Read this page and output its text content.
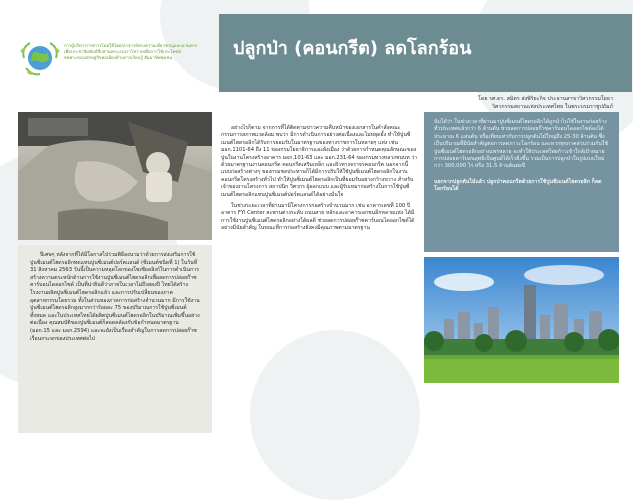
การผู้บริหารราชการโดยใช้ไทย/อาจารย์ทรงความเชี่ยวชาญและนามทาง
เพื่อประชาสัมพันธ์สืบสานพระบรมราโชวาทเพื่อการใช้ประโยชน์
สหพาะของเศรษฐกิจพอเพียงด้านการเรียนรู้ สัมมาชีพชุมชน	ปลูกป่า (คอนกรีต) ลดโลกร้อน
โดย รศ.ดร. สมิตร ส่งพิริยะกิจ ประธานสาขาวิศวกรรมโยธา
วิศวกรรมสถานแห่งประเทศไทย ในพระบรมราชูปถัมภ์

ปีเศษๆ หลังจากที่ได้มีโอกาสไปร่วมพิธีลงนามว่าด้วยการส่งเสริมการใช้ปูนซีเมนต์ไฮดรอลิกทดแทนปูนซีเมนต์ปอร์ตแลนด์ (ซีเมนต์ชนิดที่ 1) ในวันที่ 31 สิงหาคม 2563 วันนี้เป็นความหลุดโลกของโซเซียลลิงก์ในการดำเนินการสร้างความตระหนักด้านการใช้งานปูนซีเมนต์ไฮดรอลิกเพื่อลดการปล่อยก๊าซคาร์บอนไดออกไซด์ เป็นที่น่ายินดีว่าภายในเวลาไม่ถึงสองปี ไทยได้สร้างโรงงานผลิตปูนซีเมนต์ไฮดรอลิกแล้ว และการปรับเปลี่ยนของภาคอุตสาหกรรมโดยรวม ทั้งในส่วนของภาคการก่อสร้างจำนวนมาก มีการใช้งานปูนซีเมนต์ไฮดรอลิกสูงมากกว่าร้อยละ 75 ของปริมาณการใช้ปูนซีเมนต์ทั้งหมด และในประเทศไทยได้ผลิตปูนซีเมนต์ไฮดรอลิกในปริมาณเพิ่มขึ้นอย่างต่อเนื่อง คุณสมบัติของปูนซีเมนต์ก็สอดคล้องกับข้อกำหนดมาตรฐาน (มอก.15 และ มอก.2594) และจะยังเป็นเรื่องสำคัญในการลดการปล่อยก๊าซเรือนกระจกของประเทศต่อไป

อย่างไรก็ตาม จากการที่ได้ติดตามข่าวความคืบหน้าของเอกสารในคำสั่งคณะกรรมการสภาพแวดล้อม พบว่า มีการดำเนินการอย่างต่อเนื่องและไม่หยุดยั้ง ทำให้ปูนซีเมนต์ไฮดรอลิกได้รับการยอมรับในมาตรฐานของทางราชการในหลายๆ แห่ง เช่น มอก.1101-64 ถึง 11 ของกรมโยธาธิการและผังเมือง ว่าด้วยการกำหนดคุณลักษณะของปูนในงานโครงสร้างอาคาร มอก.101-63 และ มอก.231-64 ของกรมทางหลวงชนบท ว่าด้วยมาตรฐานงานคอนกรีต คอนกรีตเสริมเหล็ก และผิวทางจราจรคอนกรีต นอกจากนี้ แบบก่อสร้างต่างๆ ของกรมชลประทานก็ได้มีการปรับให้ใช้ปูนซีเมนต์ไฮดรอลิกในงานคอนกรีตโครงสร้างทั่วไป ทำให้ปูนซีเมนต์ไฮดรอลิกเป็นที่ยอมรับอย่างกว้างขวาง สำหรับเจ้าของงานโครงการ สถาปนิก วิศวกร ผู้ออกแบบ และผู้รับเหมาก่อสร้างในการใช้ปูนซีเมนต์ไฮดรอลิกแทนปูนซีเมนต์ปอร์ตแลนด์ได้อย่างมั่นใจ

ในช่วงระยะเวลาที่ผ่านมามีโครงการก่อสร้างจำนวนมาก เช่น อาคารเลขที่ 100 ปี อาคาร FYI Center สะพานต่างระดับ ถนนสาย หลักและอาคารเอกชนอีกหลายแห่ง ได้มีการใช้งานปูนซีเมนต์ไฮดรอลิกอย่างได้ผลดี ช่วยลดการปล่อยก๊าซคาร์บอนไดออกไซด์ได้อย่างมีนัยสำคัญ ในขณะที่การก่อสร้างยังคงมีคุณภาพตามมาตรฐาน

นับได้ว่า ในช่วงเวลาที่ผ่านมาปูนซีเมนต์ไฮดรอลิกได้ถูกนำไปใช้ในงานก่อสร้างทั่วประเทศแล้วกว่า 6 ล้านตัน ช่วยลดการปล่อยก๊าซคาร์บอนไดออกไซด์ลงได้ประมาณ 6 แสนตัน หรือเทียบเท่ากับการปลูกต้นไม้ใหญ่ถึง 25-30 ล้านต้น ซึ่งเป็นปริมาณที่มีนัยสำคัญต่อการลดภาวะโลกร้อน และหากทุกภาคส่วนร่วมกันใช้ปูนซีเมนต์ไฮดรอลิกอย่างแพร่หลาย จะทำให้ประเทศไทยก้าวเข้าใกล้เป้าหมายการปล่อยคาร์บอนสุทธิเป็นศูนย์ได้เร็วยิ่งขึ้น รวมเป็นการปลูกป่าในรูปแบบใหม่กว่า 300,000 ไร่ หรือ 31.5 ล้านต้นต่อปี

นอกจากปลูกต้นไม้แล้ว ปลูกป่าคอนกรีตด้วยการใช้ปูนซีเมนต์ไฮดรอลิก ก็ลดโลกร้อนได้
